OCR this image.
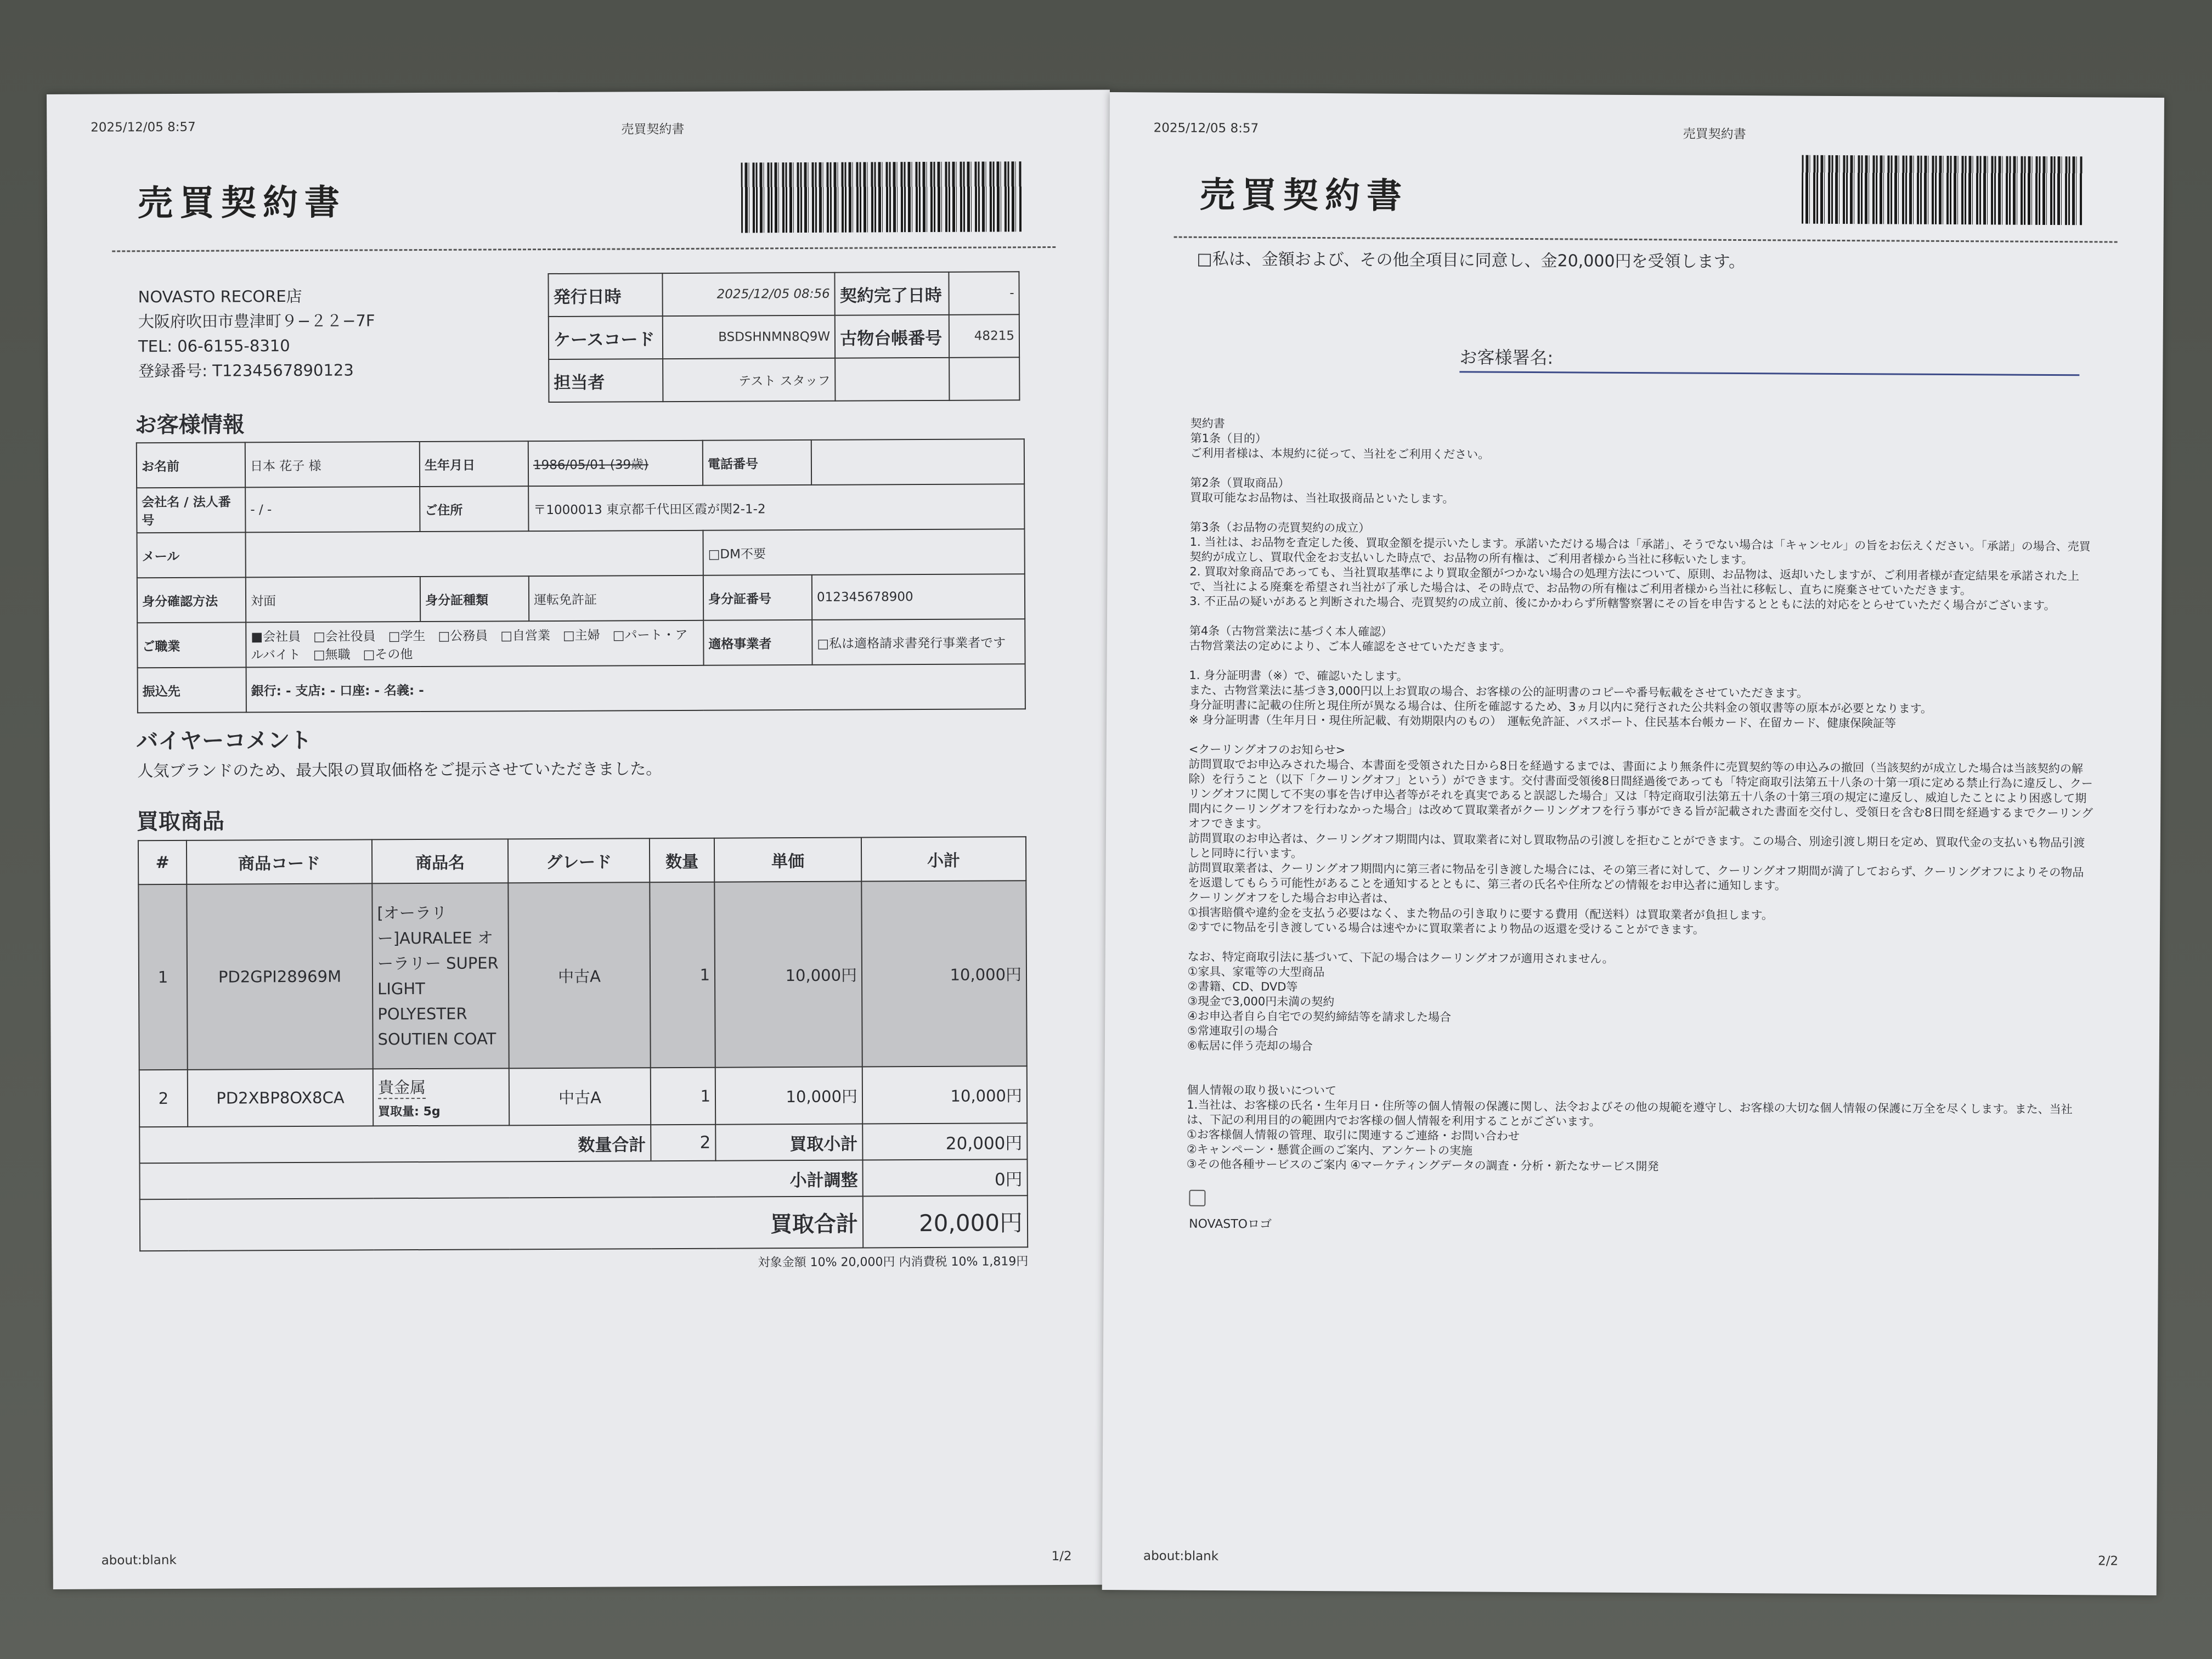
2025/12/05 8:57	売買契約書
売買契約書
NOVASTO RECORE店
大阪府吹田市豊津町９−２２−7F
TEL: 06-6155-8310
登録番号: T1234567890123
発行日時	2025/12/05 08:56	契約完了日時	-
ケースコード	BSDSHNMN8Q9W	古物台帳番号	48215
担当者	テスト スタッフ		
お客様情報
お名前	日本 花子 様	生年月日	1986/05/01 (39歳)	電話番号	
会社名 / 法人番号	- / -	ご住所	〒1000013 東京都千代田区霞が関2-1-2		
メール				□DM不要	
身分確認方法	対面	身分証種類	運転免許証	身分証番号	012345678900
ご職業	■会社員　□会社役員　□学生　□公務員　□自営業　□主婦　□パート・アルバイト　□無職　□その他			適格事業者	□私は適格請求書発行事業者です
振込先	銀行: - 支店: - 口座: - 名義: -				
バイヤーコメント
人気ブランドのため、最大限の買取価格をご提示させていただきました。
買取商品
#	商品コード	商品名	グレード	数量	単価	小計
1	PD2GPI28969M	[オーラリー]AURALEE オーラリー SUPER LIGHT POLYESTER SOUTIEN COAT	中古A	1	10,000円	10,000円
2	PD2XBP8OX8CA	貴金属
買取量: 5g	中古A	1	10,000円	10,000円
数量合計				2	買取小計	20,000円
小計調整						0円
買取合計						20,000円
対象金額 10% 20,000円 内消費税 10% 1,819円
about:blank	1/2
2025/12/05 8:57	売買契約書
売買契約書
□私は、金額および、その他全項目に同意し、金20,000円を受領します。
お客様署名:
契約書
第1条（目的）
ご利用者様は、本規約に従って、当社をご利用ください。

第2条（買取商品）
買取可能なお品物は、当社取扱商品といたします。

第3条（お品物の売買契約の成立）
1. 当社は、お品物を査定した後、買取金額を提示いたします。承諾いただける場合は「承諾」、そうでない場合は「キャンセル」の旨をお伝えください。「承諾」の場合、売買契約が成立し、買取代金をお支払いした時点で、お品物の所有権は、ご利用者様から当社に移転いたします。
2. 買取対象商品であっても、当社買取基準により買取金額がつかない場合の処理方法について、原則、お品物は、返却いたしますが、ご利用者様が査定結果を承諾された上で、当社による廃棄を希望され当社が了承した場合は、その時点で、お品物の所有権はご利用者様から当社に移転し、直ちに廃棄させていただきます。
3. 不正品の疑いがあると判断された場合、売買契約の成立前、後にかかわらず所轄警察署にその旨を申告するとともに法的対応をとらせていただく場合がございます。

第4条（古物営業法に基づく本人確認）
古物営業法の定めにより、ご本人確認をさせていただきます。

1. 身分証明書（※）で、確認いたします。
また、古物営業法に基づき3,000円以上お買取の場合、お客様の公的証明書のコピーや番号転載をさせていただきます。
身分証明書に記載の住所と現住所が異なる場合は、住所を確認するため、3ヵ月以内に発行された公共料金の領収書等の原本が必要となります。
※ 身分証明書（生年月日・現住所記載、有効期限内のもの）　運転免許証、パスポート、住民基本台帳カード、在留カード、健康保険証等

<クーリングオフのお知らせ>
訪問買取でお申込みされた場合、本書面を受領された日から8日を経過するまでは、書面により無条件に売買契約等の申込みの撤回（当該契約が成立した場合は当該契約の解除）を行うこと（以下「クーリングオフ」という）ができます。交付書面受領後8日間経過後であっても「特定商取引法第五十八条の十第一項に定める禁止行為に違反し、クーリングオフに関して不実の事を告げ申込者等がそれを真実であると誤認した場合」又は「特定商取引法第五十八条の十第三項の規定に違反し、威迫したことにより困惑して期間内にクーリングオフを行わなかった場合」は改めて買取業者がクーリングオフを行う事ができる旨が記載された書面を交付し、受領日を含む8日間を経過するまでクーリングオフできます。
訪問買取のお申込者は、クーリングオフ期間内は、買取業者に対し買取物品の引渡しを拒むことができます。この場合、別途引渡し期日を定め、買取代金の支払いも物品引渡しと同時に行います。
訪問買取業者は、クーリングオフ期間内に第三者に物品を引き渡した場合には、その第三者に対して、クーリングオフ期間が満了しておらず、クーリングオフによりその物品を返還してもらう可能性があることを通知するとともに、第三者の氏名や住所などの情報をお申込者に通知します。
クーリングオフをした場合お申込者は、
①損害賠償や違約金を支払う必要はなく、また物品の引き取りに要する費用（配送料）は買取業者が負担します。
②すでに物品を引き渡している場合は速やかに買取業者により物品の返還を受けることができます。

なお、特定商取引法に基づいて、下記の場合はクーリングオフが適用されません。
①家具、家電等の大型商品
②書籍、CD、DVD等
③現金で3,000円未満の契約
④お申込者自ら自宅での契約締結等を請求した場合
⑤常連取引の場合
⑥転居に伴う売却の場合

個人情報の取り扱いについて
1.当社は、お客様の氏名・生年月日・住所等の個人情報の保護に関し、法令およびその他の規範を遵守し、お客様の大切な個人情報の保護に万全を尽くします。また、当社は、下記の利用目的の範囲内でお客様の個人情報を利用することがございます。
①お客様個人情報の管理、取引に関連するご連絡・お問い合わせ
②キャンペーン・懸賞企画のご案内、アンケートの実施
③その他各種サービスのご案内 ④マーケティングデータの調査・分析・新たなサービス開発
NOVASTOロゴ
about:blank	2/2
